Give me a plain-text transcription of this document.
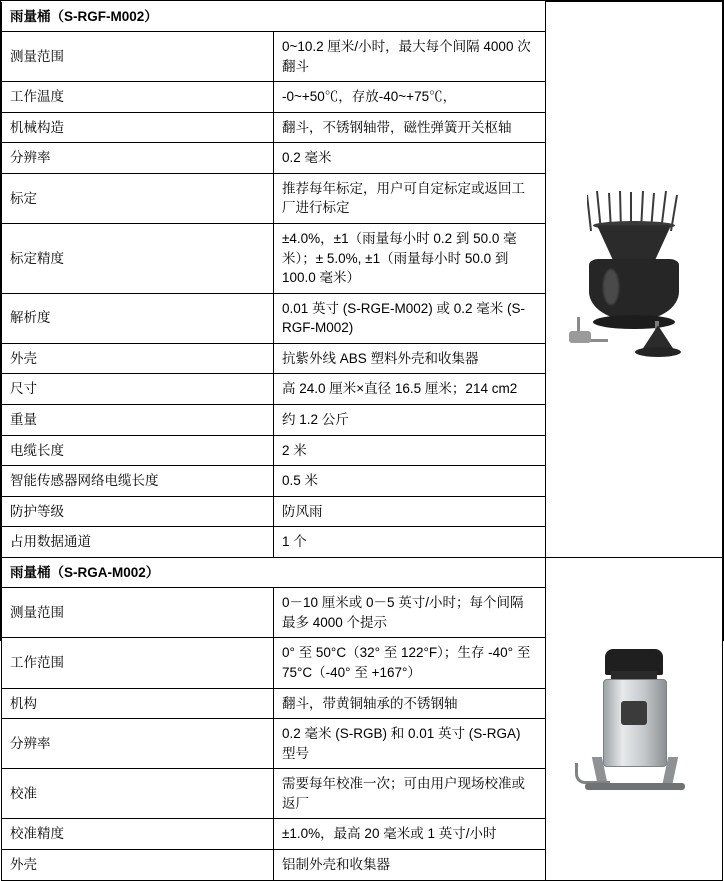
雨量桶（S-RGF-M002）	

测量范围	0~10.2 厘米/小时，最大每个间隔 4000 次翻斗	
工作温度	-0~+50℃，存放-40~+75℃，	
机械构造	翻斗，不锈钢轴带，磁性弹簧开关枢轴	
分辨率	0.2 毫米	
标定	推荐每年标定，用户可自定标定或返回工厂进行标定	
标定精度	±4.0%，±1（雨量每小时 0.2 到 50.0 毫米）；± 5.0%, ±1（雨量每小时 50.0 到 100.0 毫米）	
解析度	0.01 英寸 (S-RGE-M002) 或 0.2 毫米 (S-RGF-M002)	
外壳	抗紫外线 ABS 塑料外壳和收集器	
尺寸	高 24.0 厘米×直径 16.5 厘米；214 cm2	
重量	约 1.2 公斤	
电缆长度	2 米	
智能传感器网络电缆长度	0.5 米	
防护等级	防风雨	
占用数据通道	1 个	
雨量桶（S-RGA-M002）		

测量范围	0－10 厘米或 0－5 英寸/小时；每个间隔最多 4000 个提示	
工作范围	0° 至 50°C（32° 至 122°F）；生存 -40° 至 75°C（-40° 至 +167°）	
机构	翻斗，带黄铜轴承的不锈钢轴	
分辨率	0.2 毫米 (S-RGB) 和 0.01 英寸 (S-RGA) 型号	
校准	需要每年校准一次；可由用户现场校准或返厂	
校准精度	±1.0%，最高 20 毫米或 1 英寸/小时	
外壳	铝制外壳和收集器	
